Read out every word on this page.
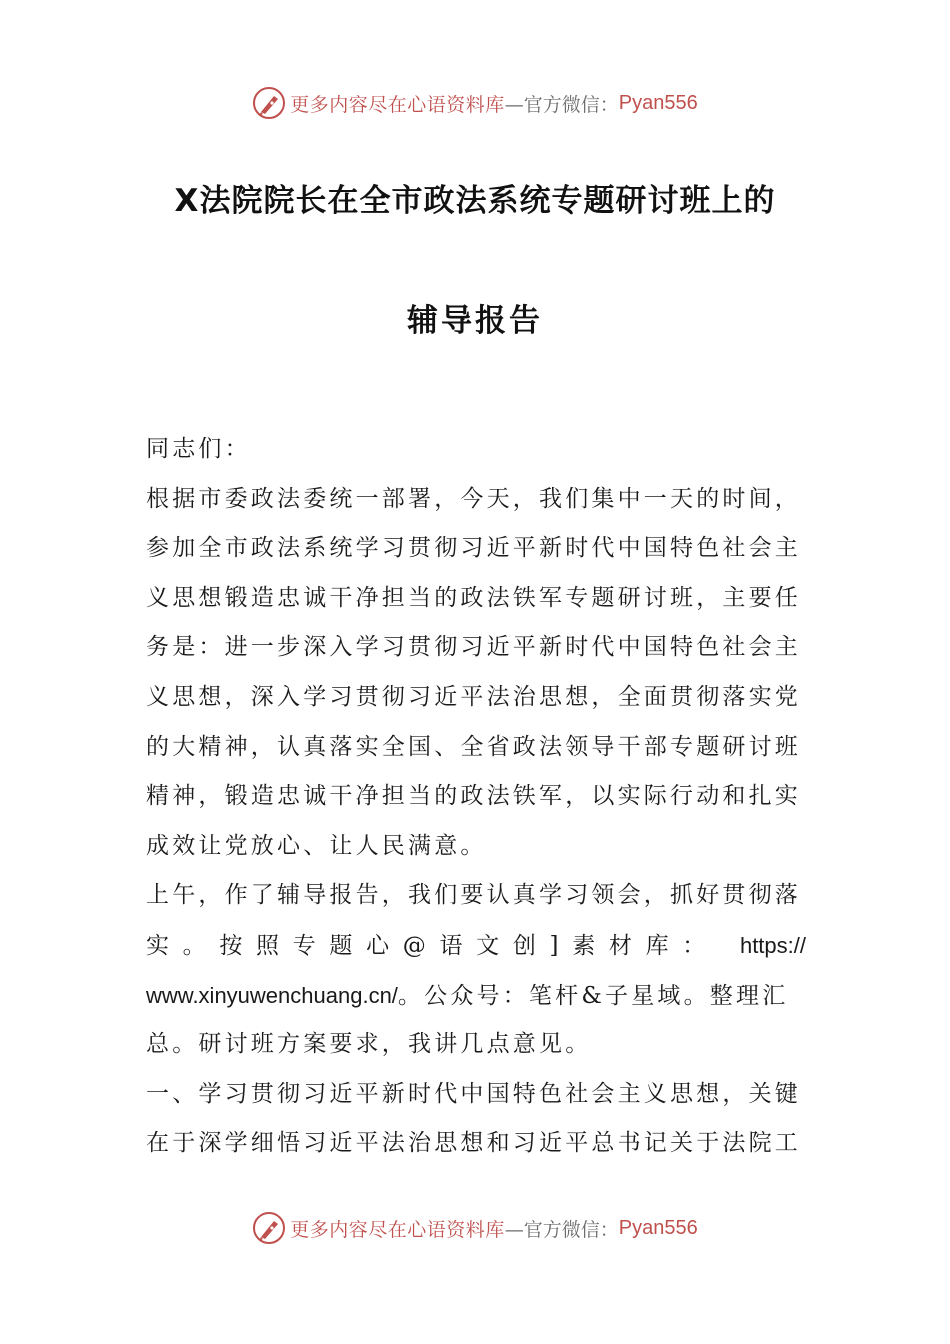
更多内容尽在心语资料库 —官方微信： Pyan556
X法院院长在全市政法系统专题研讨班上的
辅导报告
同志们：
根据市委政法委统一部署，今天，我们集中一天的时间，
参加全市政法系统学习贯彻习近平新时代中国特色社会主
义思想锻造忠诚干净担当的政法铁军专题研讨班，主要任
务是：进一步深入学习贯彻习近平新时代中国特色社会主
义思想，深入学习贯彻习近平法治思想，全面贯彻落实党
的大精神，认真落实全国、全省政法领导干部专题研讨班
精神，锻造忠诚干净担当的政法铁军，以实际行动和扎实
成效让党放心、让人民满意。
上午，作了辅导报告，我们要认真学习领会，抓好贯彻落
实。按照专题心@语文创]素材库： https://
www.xinyuwenchuang.cn/。公众号：笔杆&子星域。整理汇
总。研讨班方案要求，我讲几点意见。
一、学习贯彻习近平新时代中国特色社会主义思想，关键
在于深学细悟习近平法治思想和习近平总书记关于法院工
更多内容尽在心语资料库 —官方微信： Pyan556
